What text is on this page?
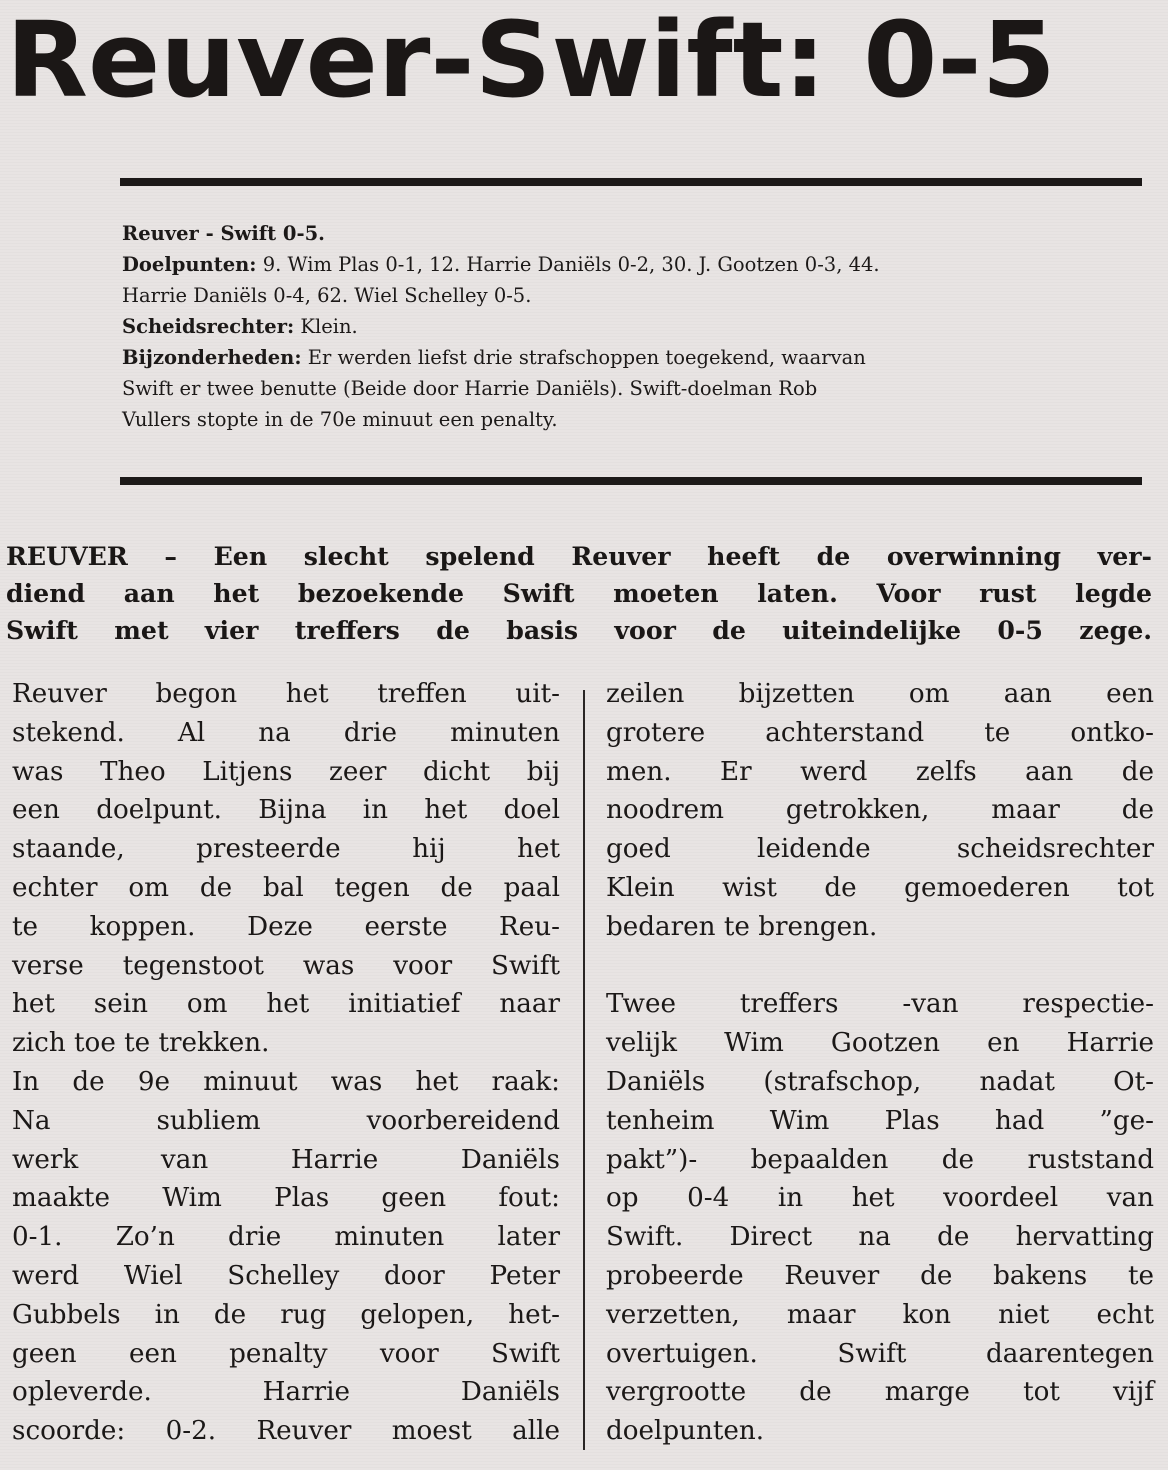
Reuver-Swift: 0-5
Reuver - Swift 0-5.
Doelpunten: 9. Wim Plas 0-1, 12. Harrie Daniëls 0-2, 30. J. Gootzen 0-3, 44.
Harrie Daniëls 0-4, 62. Wiel Schelley 0-5.
Scheidsrechter: Klein.
Bijzonderheden: Er werden liefst drie strafschoppen toegekend, waarvan
Swift er twee benutte (Beide door Harrie Daniëls). Swift-doelman Rob
Vullers stopte in de 70e minuut een penalty.
REUVER – Een slecht spelend Reuver heeft de overwinning ver-
diend aan het bezoekende Swift moeten laten. Voor rust legde
Swift met vier treffers de basis voor de uiteindelijke 0-5 zege.
Reuver begon het treffen uit-
stekend. Al na drie minuten
was Theo Litjens zeer dicht bij
een doelpunt. Bijna in het doel
staande, presteerde hij het
echter om de bal tegen de paal
te koppen. Deze eerste Reu-
verse tegenstoot was voor Swift
het sein om het initiatief naar
zich toe te trekken.
In de 9e minuut was het raak:
Na subliem voorbereidend
werk van Harrie Daniëls
maakte Wim Plas geen fout:
0-1. Zo’n drie minuten later
werd Wiel Schelley door Peter
Gubbels in de rug gelopen, het-
geen een penalty voor Swift
opleverde. Harrie Daniëls
scoorde: 0-2. Reuver moest alle
zeilen bijzetten om aan een
grotere achterstand te ontko-
men. Er werd zelfs aan de
noodrem getrokken, maar de
goed leidende scheidsrechter
Klein wist de gemoederen tot
bedaren te brengen.
Twee treffers -van respectie-
velijk Wim Gootzen en Harrie
Daniëls (strafschop, nadat Ot-
tenheim Wim Plas had ”ge-
pakt”)- bepaalden de ruststand
op 0-4 in het voordeel van
Swift. Direct na de hervatting
probeerde Reuver de bakens te
verzetten, maar kon niet echt
overtuigen. Swift daarentegen
vergrootte de marge tot vijf
doelpunten.
